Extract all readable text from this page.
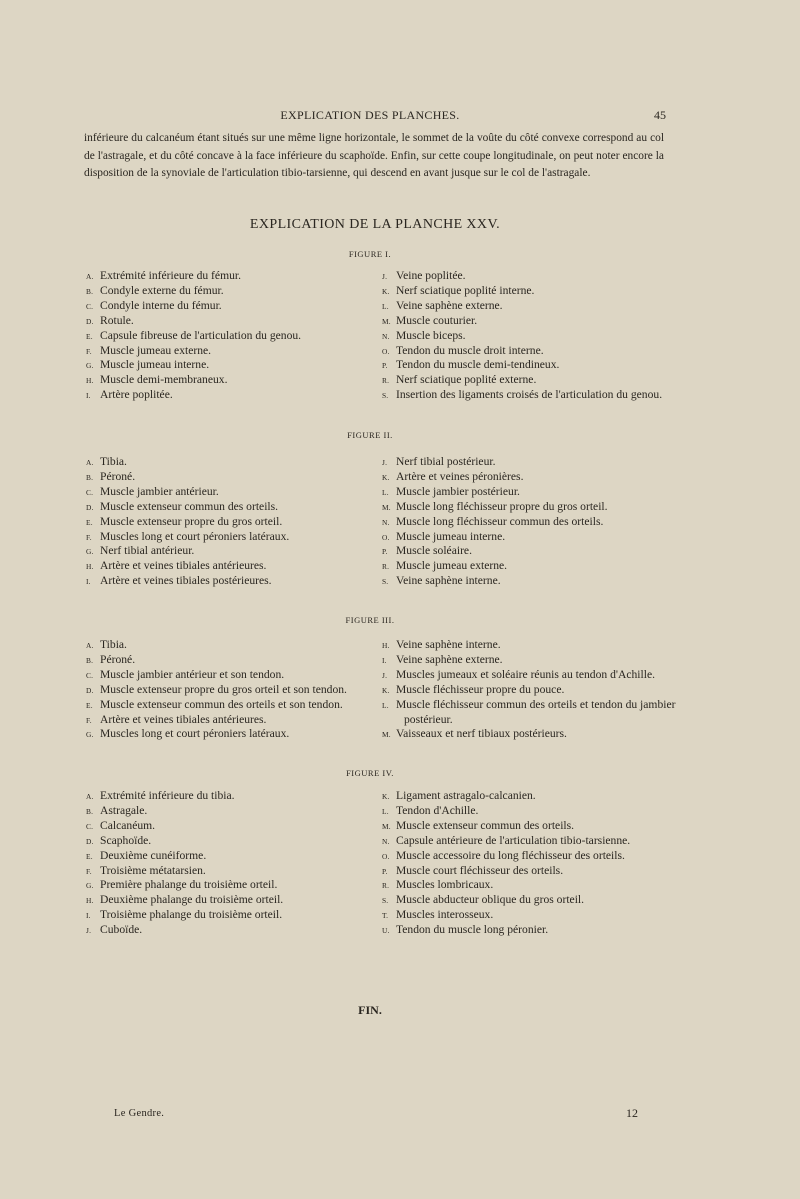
EXPLICATION DES PLANCHES.	45
inférieure du calcanéum étant situés sur une même ligne horizontale, le sommet de la voûte du côté convexe correspond au col de l'astragale, et du côté concave à la face inférieure du scaphoïde. Enfin, sur cette coupe longitudinale, on peut noter encore la disposition de la synoviale de l'articulation tibio-tarsienne, qui descend en avant jusque sur le col de l'astragale.
EXPLICATION DE LA PLANCHE XXV.
FIGURE I.
A. Extrémité inférieure du fémur.
B. Condyle externe du fémur.
C. Condyle interne du fémur.
D. Rotule.
E. Capsule fibreuse de l'articulation du genou.
F. Muscle jumeau externe.
G. Muscle jumeau interne.
H. Muscle demi-membraneux.
I. Artère poplitée.
J. Veine poplitée.
K. Nerf sciatique poplité interne.
L. Veine saphène externe.
M. Muscle couturier.
N. Muscle biceps.
O. Tendon du muscle droit interne.
P. Tendon du muscle demi-tendineux.
R. Nerf sciatique poplité externe.
S. Insertion des ligaments croisés de l'articulation du genou.
FIGURE II.
A. Tibia.
B. Péroné.
C. Muscle jambier antérieur.
D. Muscle extenseur commun des orteils.
E. Muscle extenseur propre du gros orteil.
F. Muscles long et court péroniers latéraux.
G. Nerf tibial antérieur.
H. Artère et veines tibiales antérieures.
I. Artère et veines tibiales postérieures.
J. Nerf tibial postérieur.
K. Artère et veines péronières.
L. Muscle jambier postérieur.
M. Muscle long fléchisseur propre du gros orteil.
N. Muscle long fléchisseur commun des orteils.
O. Muscle jumeau interne.
P. Muscle soléaire.
R. Muscle jumeau externe.
S. Veine saphène interne.
FIGURE III.
A. Tibia.
B. Péroné.
C. Muscle jambier antérieur et son tendon.
D. Muscle extenseur propre du gros orteil et son tendon.
E. Muscle extenseur commun des orteils et son tendon.
F. Artère et veines tibiales antérieures.
G. Muscles long et court péroniers latéraux.
H. Veine saphène interne.
I. Veine saphène externe.
J. Muscles jumeaux et soléaire réunis au tendon d'Achille.
K. Muscle fléchisseur propre du pouce.
L. Muscle fléchisseur commun des orteils et tendon du jambier
postérieur.
M. Vaisseaux et nerf tibiaux postérieurs.
FIGURE IV.
A. Extrémité inférieure du tibia.
B. Astragale.
C. Calcanéum.
D. Scaphoïde.
E. Deuxième cunéiforme.
F. Troisième métatarsien.
G. Première phalange du troisième orteil.
H. Deuxième phalange du troisième orteil.
I. Troisième phalange du troisième orteil.
J. Cuboïde.
K. Ligament astragalo-calcanien.
L. Tendon d'Achille.
M. Muscle extenseur commun des orteils.
N. Capsule antérieure de l'articulation tibio-tarsienne.
O. Muscle accessoire du long fléchisseur des orteils.
P. Muscle court fléchisseur des orteils.
R. Muscles lombricaux.
S. Muscle abducteur oblique du gros orteil.
T. Muscles interosseux.
U. Tendon du muscle long péronier.
FIN.
Le Gendre.	12
